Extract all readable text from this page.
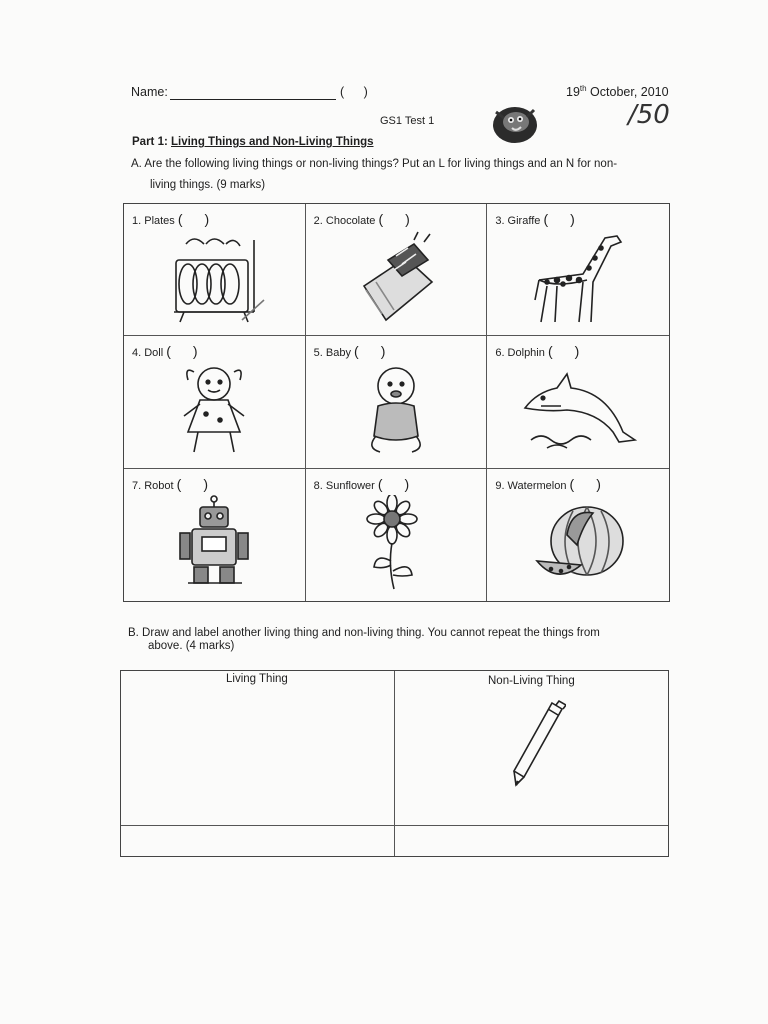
Name:	( )	19th October, 2010
GS1 Test 1	/50
Part 1: Living Things and Non-Living Things
A. Are the following living things or non-living things? Put an L for living things and an N for non-
living things. (9 marks)
1. Plates ( )	2. Chocolate ( )	3. Giraffe ( )
4. Doll ( )	5. Baby ( )	6. Dolphin ( )
7. Robot ( )	8. Sunflower ( )	9. Watermelon ( )
B. Draw and label another living thing and non-living thing. You cannot repeat the things from
above. (4 marks)
Living Thing	Non-Living Thing
